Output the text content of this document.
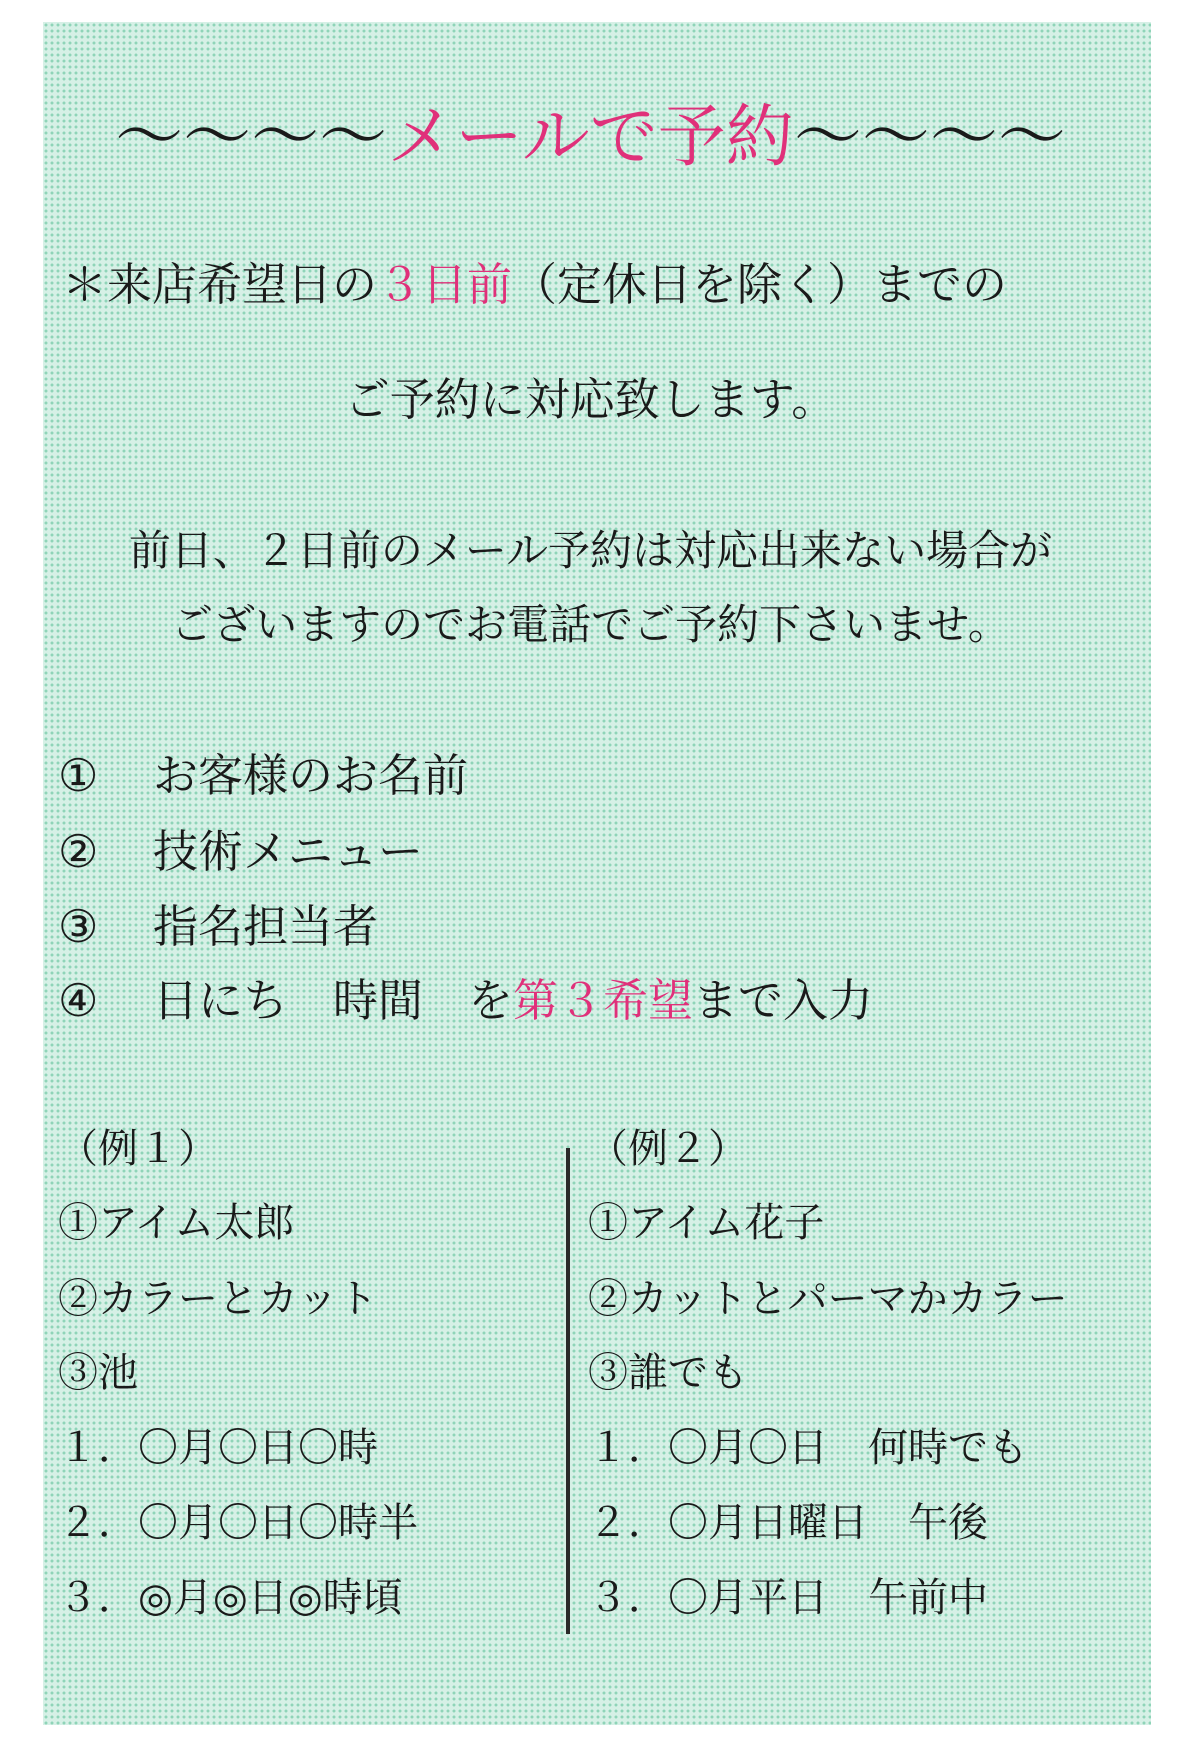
〜〜〜〜メールで予約〜〜〜〜
＊来店希望日の３日前（定休日を除く）までの
ご予約に対応致します。
前日、２日前のメール予約は対応出来ない場合が
ございますのでお電話でご予約下さいませ。
① お客様のお名前
② 技術メニュー
③ 指名担当者
④ 日にち　時間　を第３希望まで入力
（例１）
①アイム太郎
②カラーとカット
③池
１．〇月〇日〇時
２．〇月〇日〇時半
３．◎月◎日◎時頃
（例２）
①アイム花子
②カットとパーマかカラー
③誰でも
１．〇月〇日　何時でも
２．〇月日曜日　午後
３．〇月平日　午前中
